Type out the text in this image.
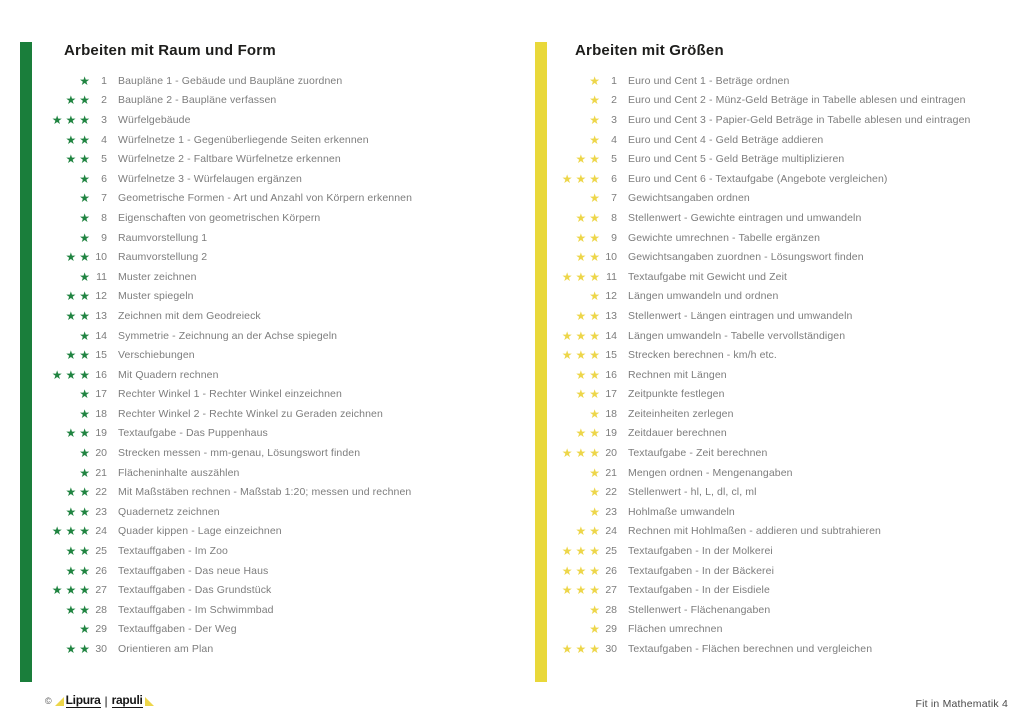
Arbeiten mit Raum und Form
★	1 Baupläne 1 - Gebäude und Baupläne zuordnen
★ ★	2 Baupläne 2 - Baupläne verfassen
★ ★ ★	3 Würfelgebäude
★ ★	4 Würfelnetze 1 - Gegenüberliegende Seiten erkennen
★ ★	5 Würfelnetze 2 - Faltbare Würfelnetze erkennen
★	6 Würfelnetze 3 - Würfelaugen ergänzen
★	7 Geometrische Formen - Art und Anzahl von Körpern erkennen
★	8 Eigenschaften von geometrischen Körpern
★	9 Raumvorstellung 1
★ ★ 10 Raumvorstellung 2
★ 11 Muster zeichnen
★ ★ 12 Muster spiegeln
★ ★ 13 Zeichnen mit dem Geodreieck
★ 14 Symmetrie - Zeichnung an der Achse spiegeln
★ ★ 15 Verschiebungen
★ ★ ★ 16 Mit Quadern rechnen
★ 17 Rechter Winkel 1 - Rechter Winkel einzeichnen
★ 18 Rechter Winkel 2 - Rechte Winkel zu Geraden zeichnen
★ ★ 19 Textaufgabe - Das Puppenhaus
★ 20 Strecken messen - mm-genau, Lösungswort finden
★ 21 Flächeninhalte auszählen
★ ★ 22 Mit Maßstäben rechnen - Maßstab 1:20; messen und rechnen
★ ★ 23 Quadernetz zeichnen
★ ★ ★ 24 Quader kippen - Lage einzeichnen
★ ★ 25 Textauffgaben - Im Zoo
★ ★ 26 Textauffgaben - Das neue Haus
★ ★ ★ 27 Textauffgaben - Das Grundstück
★ ★ 28 Textauffgaben - Im Schwimmbad
★ 29 Textauffgaben - Der Weg
★ ★ 30 Orientieren am Plan
Arbeiten mit Größen
★	1 Euro und Cent 1 - Beträge ordnen
★	2 Euro und Cent 2 - Münz-Geld Beträge in Tabelle ablesen und eintragen
★	3 Euro und Cent 3 - Papier-Geld Beträge in Tabelle ablesen und eintragen
★	4 Euro und Cent 4 - Geld Beträge addieren
★ ★	5 Euro und Cent 5 - Geld Beträge multiplizieren
★ ★ ★	6 Euro und Cent 6 - Textaufgabe (Angebote vergleichen)
★	7 Gewichtsangaben ordnen
★ ★	8 Stellenwert - Gewichte eintragen und umwandeln
★ ★	9 Gewichte umrechnen - Tabelle ergänzen
★ ★ 10 Gewichtsangaben zuordnen - Lösungswort finden
★ ★ ★ 11 Textaufgabe mit Gewicht und Zeit
★ 12 Längen umwandeln und ordnen
★ ★ 13 Stellenwert - Längen eintragen und umwandeln
★ ★ ★ 14 Längen umwandeln - Tabelle vervollständigen
★ ★ ★ 15 Strecken berechnen - km/h etc.
★ ★ 16 Rechnen mit Längen
★ ★ 17 Zeitpunkte festlegen
★ 18 Zeiteinheiten zerlegen
★ ★ 19 Zeitdauer berechnen
★ ★ ★ 20 Textaufgabe - Zeit berechnen
★ 21 Mengen ordnen - Mengenangaben
★ 22 Stellenwert - hl, L, dl, cl, ml
★ 23 Hohlmaße umwandeln
★ ★ 24 Rechnen mit Hohlmaßen - addieren und subtrahieren
★ ★ ★ 25 Textaufgaben - In der Molkerei
★ ★ ★ 26 Textaufgaben - In der Bäckerei
★ ★ ★ 27 Textaufgaben - In der Eisdiele
★ 28 Stellenwert - Flächenangaben
★ 29 Flächen umrechnen
★ ★ ★ 30 Textaufgaben - Flächen berechnen und vergleichen
© Lipura | rapuli	Fit in Mathematik 4
